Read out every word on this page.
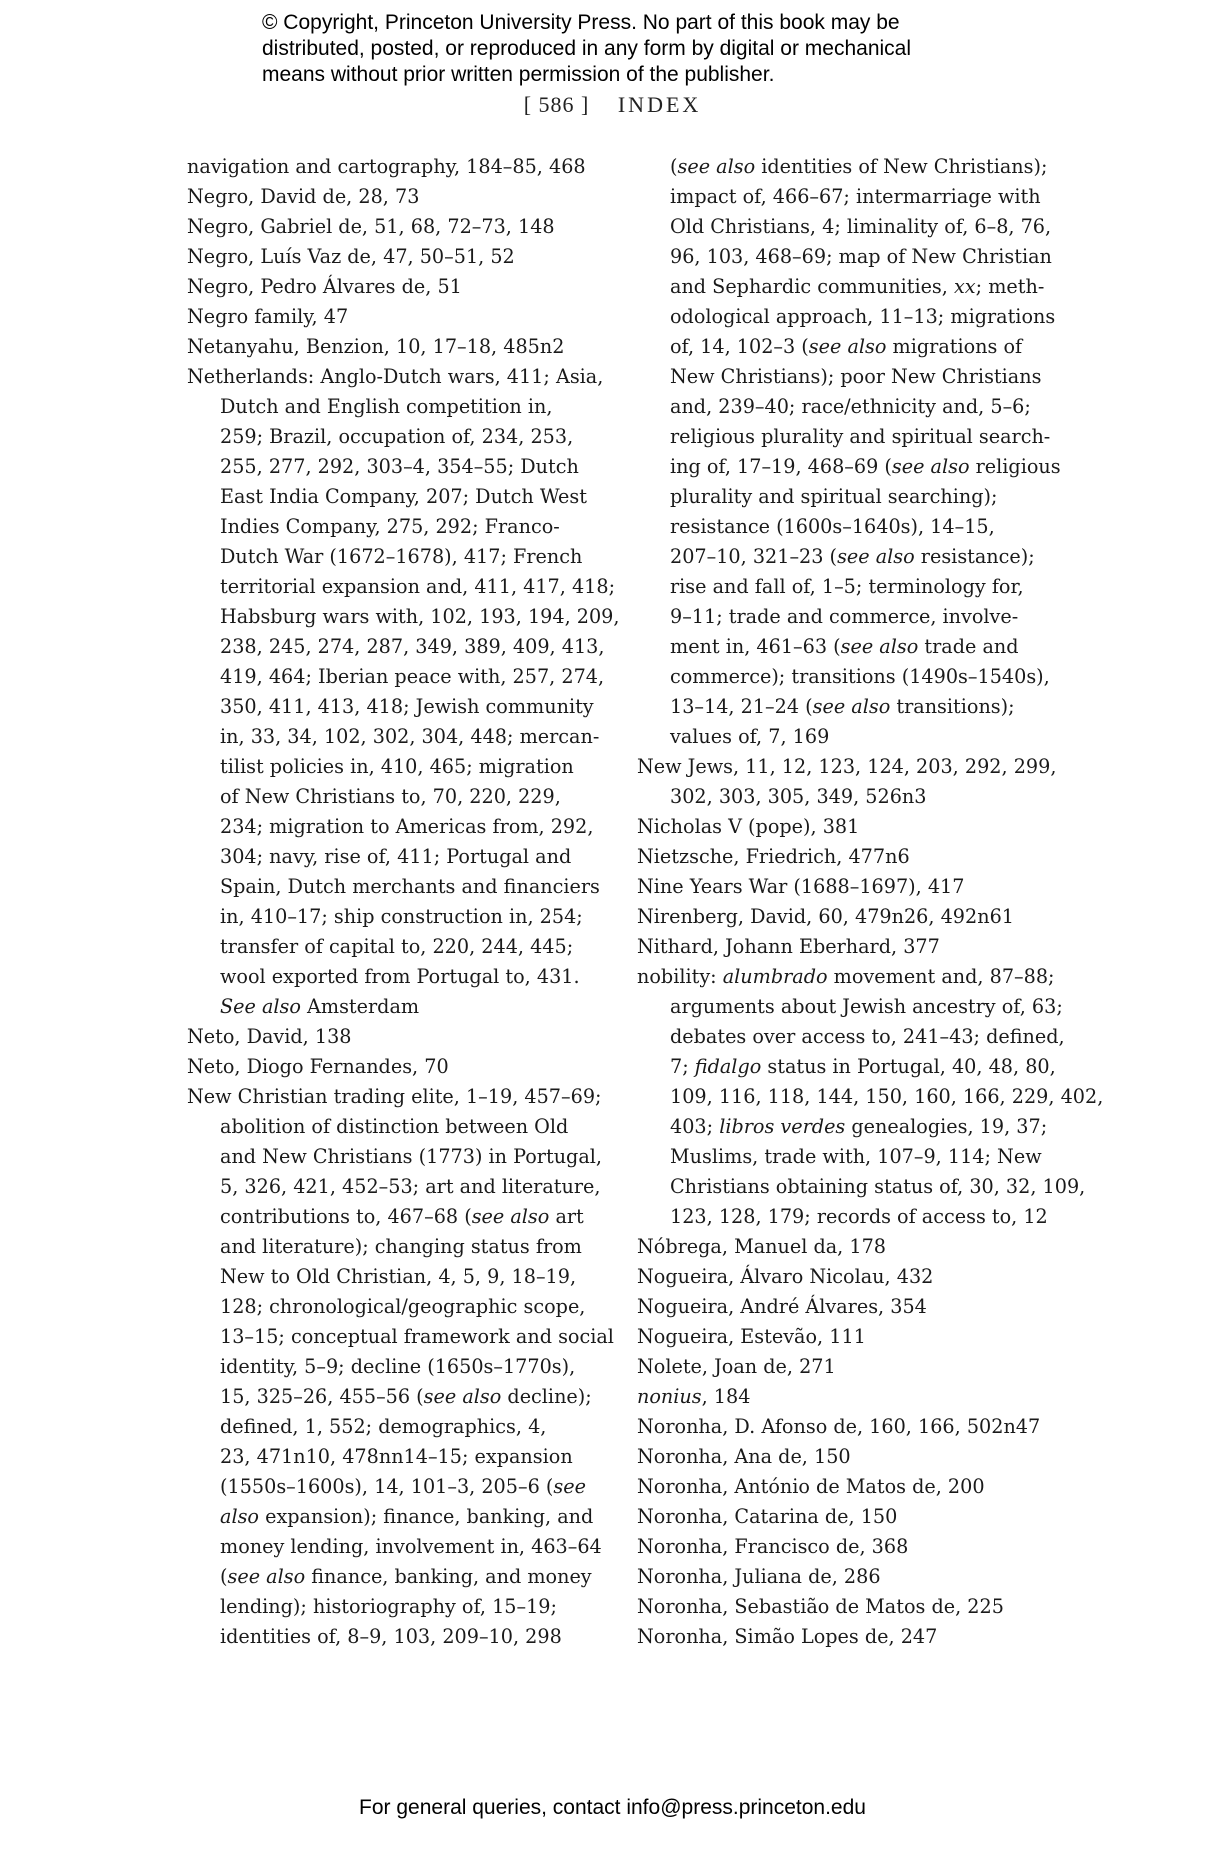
© Copyright, Princeton University Press. No part of this book may be
distributed, posted, or reproduced in any form by digital or mechanical
means without prior written permission of the publisher.
[ 586 ] INDEX
navigation and cartography, 184–85, 468
Negro, David de, 28, 73
Negro, Gabriel de, 51, 68, 72–73, 148
Negro, Luís Vaz de, 47, 50–51, 52
Negro, Pedro Álvares de, 51
Negro family, 47
Netanyahu, Benzion, 10, 17–18, 485n2
Netherlands: Anglo-Dutch wars, 411; Asia,
Dutch and English competition in,
259; Brazil, occupation of, 234, 253,
255, 277, 292, 303–4, 354–55; Dutch
East India Company, 207; Dutch West
Indies Company, 275, 292; Franco-
Dutch War (1672–1678), 417; French
territorial expansion and, 411, 417, 418;
Habsburg wars with, 102, 193, 194, 209,
238, 245, 274, 287, 349, 389, 409, 413,
419, 464; Iberian peace with, 257, 274,
350, 411, 413, 418; Jewish community
in, 33, 34, 102, 302, 304, 448; mercan-
tilist policies in, 410, 465; migration
of New Christians to, 70, 220, 229,
234; migration to Americas from, 292,
304; navy, rise of, 411; Portugal and
Spain, Dutch merchants and financiers
in, 410–17; ship construction in, 254;
transfer of capital to, 220, 244, 445;
wool exported from Portugal to, 431.
See also Amsterdam
Neto, David, 138
Neto, Diogo Fernandes, 70
New Christian trading elite, 1–19, 457–69;
abolition of distinction between Old
and New Christians (1773) in Portugal,
5, 326, 421, 452–53; art and literature,
contributions to, 467–68 (see also art
and literature); changing status from
New to Old Christian, 4, 5, 9, 18–19,
128; chronological/geographic scope,
13–15; conceptual framework and social
identity, 5–9; decline (1650s–1770s),
15, 325–26, 455–56 (see also decline);
defined, 1, 552; demographics, 4,
23, 471n10, 478nn14–15; expansion
(1550s–1600s), 14, 101–3, 205–6 (see
also expansion); finance, banking, and
money lending, involvement in, 463–64
(see also finance, banking, and money
lending); historiography of, 15–19;
identities of, 8–9, 103, 209–10, 298
(see also identities of New Christians);
impact of, 466–67; intermarriage with
Old Christians, 4; liminality of, 6–8, 76,
96, 103, 468–69; map of New Christian
and Sephardic communities, xx; meth-
odological approach, 11–13; migrations
of, 14, 102–3 (see also migrations of
New Christians); poor New Christians
and, 239–40; race/ethnicity and, 5–6;
religious plurality and spiritual search-
ing of, 17–19, 468–69 (see also religious
plurality and spiritual searching);
resistance (1600s–1640s), 14–15,
207–10, 321–23 (see also resistance);
rise and fall of, 1–5; terminology for,
9–11; trade and commerce, involve-
ment in, 461–63 (see also trade and
commerce); transitions (1490s–1540s),
13–14, 21–24 (see also transitions);
values of, 7, 169
New Jews, 11, 12, 123, 124, 203, 292, 299,
302, 303, 305, 349, 526n3
Nicholas V (pope), 381
Nietzsche, Friedrich, 477n6
Nine Years War (1688–1697), 417
Nirenberg, David, 60, 479n26, 492n61
Nithard, Johann Eberhard, 377
nobility: alumbrado movement and, 87–88;
arguments about Jewish ancestry of, 63;
debates over access to, 241–43; defined,
7; fidalgo status in Portugal, 40, 48, 80,
109, 116, 118, 144, 150, 160, 166, 229, 402,
403; libros verdes genealogies, 19, 37;
Muslims, trade with, 107–9, 114; New
Christians obtaining status of, 30, 32, 109,
123, 128, 179; records of access to, 12
Nóbrega, Manuel da, 178
Nogueira, Álvaro Nicolau, 432
Nogueira, André Álvares, 354
Nogueira, Estevão, 111
Nolete, Joan de, 271
nonius, 184
Noronha, D. Afonso de, 160, 166, 502n47
Noronha, Ana de, 150
Noronha, António de Matos de, 200
Noronha, Catarina de, 150
Noronha, Francisco de, 368
Noronha, Juliana de, 286
Noronha, Sebastião de Matos de, 225
Noronha, Simão Lopes de, 247
For general queries, contact info@press.princeton.edu
